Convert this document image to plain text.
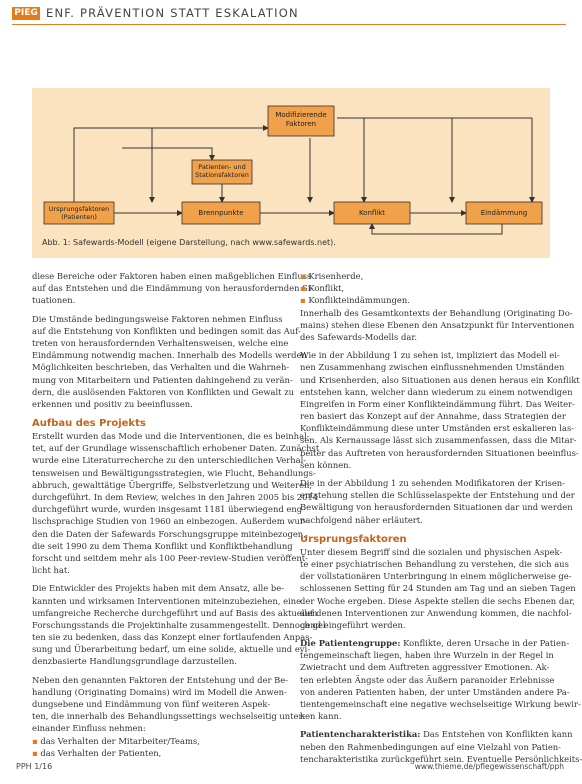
PIEG ENF. PRÄVENTION STATT ESKALATION
Modifizierende Faktoren
Patienten- und Stationsfaktoren
Ursprungsfaktoren (Patienten)	Brennpunkte	Konflikt	Eindämmung
Abb. 1: Safewards-Modell (eigene Darstellung, nach www.safewards.net).
diese Bereiche oder Faktoren haben einen maßgeblichen Einfluss
auf das Entstehen und die Eindämmung von herausfordernden Si-
tuationen.
Die Umstände bedingungsweise Faktoren nehmen Einfluss
auf die Entstehung von Konflikten und bedingen somit das Auf-
treten von herausfordernden Verhaltensweisen, welche eine
Eindämmung notwendig machen. Innerhalb des Modells werden
Möglichkeiten beschrieben, das Verhalten und die Wahrneh-
mung von Mitarbeitern und Patienten dahingehend zu verän-
dern, die auslösenden Faktoren von Konflikten und Gewalt zu
erkennen und positiv zu beeinflussen.
Aufbau des Projekts
Erstellt wurden das Mode und die Interventionen, die es beinhal-
tet, auf der Grundlage wissenschaftlich erhobener Daten. Zunächst
wurde eine Literaturrecherche zu den unterschiedlichen Verhal-
tensweisen und Bewältigungsstrategien, wie Flucht, Behandlungs-
abbruch, gewalttätige Übergriffe, Selbstverletzung und Weiteren,
durchgeführt. In dem Review, welches in den Jahren 2005 bis 2014
durchgeführt wurde, wurden insgesamt 1181 überwiegend eng-
lischsprachige Studien von 1960 an einbezogen. Außerdem wur-
den die Daten der Safewards Forschungsgruppe miteinbezogen,
die seit 1990 zu dem Thema Konflikt und Konfliktbehandlung
forscht und seitdem mehr als 100 Peer-review-Studien veröffent-
licht hat.
Die Entwickler des Projekts haben mit dem Ansatz, alle be-
kannten und wirksamen Interventionen miteinzubeziehen, eine
umfangreiche Recherche durchgeführt und auf Basis des aktuellen
Forschungsstands die Projektinhalte zusammengestellt. Dennoch gel-
ten sie zu bedenken, dass das Konzept einer fortlaufenden Anpas-
sung und Überarbeitung bedarf, um eine solide, aktuelle und evi-
denzbasierte Handlungsgrundlage darzustellen.
Neben den genannten Faktoren der Entstehung und der Be-
handlung (Originating Domains) wird im Modell die Anwen-
dungsebene und Eindämmung von fünf weiteren Aspek-
ten, die innerhalb des Behandlungssettings wechselseitig unter-
einander Einfluss nehmen:
▪ das Verhalten der Mitarbeiter/Teams,
▪ das Verhalten der Patienten,
▪ Krisenherde,
▪ Konflikt,
▪ Konflikteindämmungen.
Innerhalb des Gesamtkontexts der Behandlung (Originating Do-
mains) stehen diese Ebenen den Ansatzpunkt für Interventionen
des Safewards-Modells dar.
Wie in der Abbildung 1 zu sehen ist, impliziert das Modell ei-
nen Zusammenhang zwischen einflussnehmenden Umständen
und Krisenherden, also Situationen aus denen heraus ein Konflikt
entstehen kann, welcher dann wiederum zu einem notwendigen
Eingreifen in Form einer Konflikteindämmung führt. Das Weiter-
ren basiert das Konzept auf der Annahme, dass Strategien der
Konflikteindämmung diese unter Umständen erst eskalieren las-
sen. Als Kernaussage lässt sich zusammenfassen, dass die Mitar-
beiter das Auftreten von herausfordernden Situationen beeinflus-
sen können.
Die in der Abbildung 1 zu sehenden Modifikatoren der Krisen-
entstehung stellen die Schlüsselaspekte der Entstehung und der
Bewältigung von herausfordernden Situationen dar und werden
nachfolgend näher erläutert.
Ursprungsfaktoren
Unter diesem Begriff sind die sozialen und physischen Aspek-
te einer psychiatrischen Behandlung zu verstehen, die sich aus
der vollstationären Unterbringung in einem möglicherweise ge-
schlossenen Setting für 24 Stunden am Tag und an sieben Tagen
der Woche ergeben. Diese Aspekte stellen die sechs Ebenen dar,
auf denen Interventionen zur Anwendung kommen, die nachfol-
gend eingeführt werden.
Die Patientengruppe: Konflikte, deren Ursache in der Patien-
tengemeinschaft liegen, haben ihre Wurzeln in der Regel in
Zwietracht und dem Auftreten aggressiver Emotionen. Ak-
ten erlebten Ängste oder das Äußern paranoider Erlebnisse
von anderen Patienten haben, der unter Umständen andere Pa-
tientengemeinschaft eine negative wechselseitige Wirkung bewir-
ken kann.
Patientencharakteristika: Das Entstehen von Konflikten kann
neben den Rahmenbedingungen auf eine Vielzahl von Patien-
tencharakteristika zurückgeführt sein. Eventuelle Persönlichkeits-
PPH 1/16	www.thieme.de/pflegewissenschaft/pph
